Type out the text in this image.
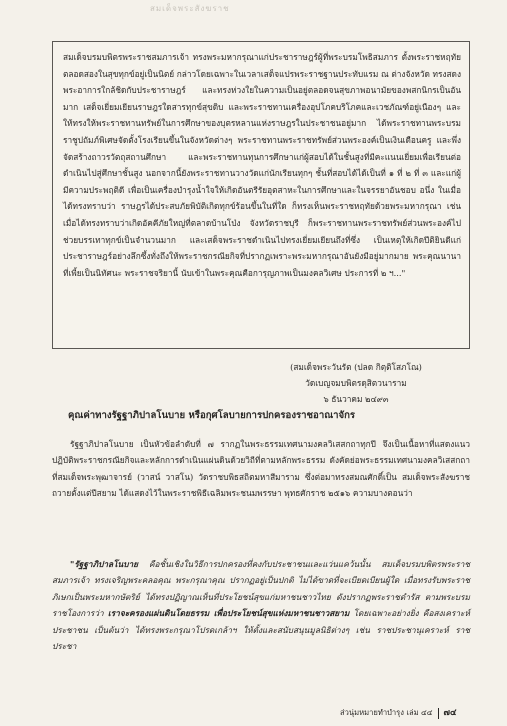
สมเด็จพระสังฆราช

สมเด็จบรมบพิตรพระราชสมภารเจ้า ทรงพระมหากรุณาแก่ประชาราษฎร์ผู้ที่พระบรมโพธิสมภาร ตั้งพระราชหฤทัยตลอดสองในสุขทุกข์อยู่เป็นนิตย์ กล่าวโดยเฉพาะในเวลาเสด็จแปรพระราชฐานประทับแรม ณ ต่างจังหวัด ทรงสดงพระอาการใกล้ชิดกับประชาราษฎร์ และทรงห่วงใยในความเป็นอยู่ตลอดจนสุขภาพอนามัยของพสกนิกรเป็นอันมาก เสด็จเยี่ยมเยียนราษฎรใดสารทุกข์สุขดิบ และพระราชทานเครื่องอุปโภคบริโภคและเวชภัณฑ์อยู่เนืองๆ และให้ทรงให้พระราชทานทรัพย์ในการศึกษาของบุตรหลานแห่งราษฎรในประชาชนอยู่มาก ได้พระราชทานพระบรมราชูปถัมภ์พิเศษจัดตั้งโรงเรียนขึ้นในจังหวัดต่างๆ พระราชทานพระราชทรัพย์ส่วนพระองค์เป็นเงินเดือนครู และพึ่งจัดสร้างถาวรวัตถุสถานศึกษา และพระราชทานทุนการศึกษาแก่ผู้สอบได้ในชั้นสูงที่มีคะแนนเยี่ยมเพื่อเรียนต่อดำเนินไปสู่ศึกษาชั้นสูง นอกจากนี้ยังพระราชทานวางวัดแก่นักเรียนทุกๆ ชั้นที่สอบได้ได้เป็นที่ ๑ ที่ ๒ ที่ ๓ และแก่ผู้มีความประพฤติดี เพื่อเป็นเครื่องบำรุงน้ำใจให้เกิดอันตรีรัยอุตสาหะในการศึกษาและในจรรยาอันชอบ อนึ่ง ในเมื่อได้ทรงทราบว่า ราษฎรได้ประสบภัยพิบัติเกิดทุกข์ร้อนขึ้นในที่ใด ก็ทรงเห็นพระราชหฤทัยด้วยพระมหากรุณา เช่น เมื่อได้ทรงทราบว่าเกิดอัคคีภัยใหญ่ที่ตลาดบ้านโป่ง จังหวัดราชบุรี ก็พระราชทานพระราชทรัพย์ส่วนพระองค์ไปช่วยบรรเทาทุกข์เป็นจำนวนมาก และเสด็จพระราชดำเนินไปทรงเยี่ยมเยียนถึงที่ซึ่ง เป็นเหตุให้เกิดปีติยินดีแก่ประชาราษฎร์อย่างลึกซึ้งทั่งถึงให้พระราชกรณียกิจที่ปรากฏเพราะพระมหากรุณาอันยังมีอยู่มากมาย พระคุณนานาที่เพี้ยเป็นนิทัศนะ พระราชจริยานี้ นับเข้าในพระคุณคือการุญภาพเป็นมงคลวิเศษ ประการที่ ๒ ฯ..."

(สมเด็จพระวันรัต (ปลด กิตฺติโสภโณ)
วัดเบญจมบพิตรดุสิตวนาราม
๖ ธันวาคม ๒๔๙๓
คุณค่าทางรัฐฐาภิปาลโนบาย หรือกุศโลบายการปกครองราชอาณาจักร

รัฐฐาภิปาลโนบาย เป็นหัวข้อลำดับที่ ๗ รากฏในพระธรรมเทศนามงคลวิเสสกถาทุกปี จึงเป็นเนื้อหาที่แสดงแนวปฏิบัติพระราชกรณียกิจและหลักการดำเนินแผ่นดินด้วยวิถีที่ตามหลักพระธรรม ดังคัดย่อพระธรรมเทศนามงคลวิเสสกถา ที่สมเด็จพระพุฒาจารย์ (วาสน์ วาสโน) วัดราชบพิธสถิตมหาสีมาราม ซึ่งต่อมาทรงสมณศักดิ์เป็น สมเด็จพระสังฆราช ถวายตั้งแต่ปีสยาม ได้แสดงไว้ในพระราชพิธีเฉลิมพระชนมพรรษา พุทธศักราช ๒๕๑๖ ความบางตอนว่า

"รัฐฐาภิปาลโนบาย คือชั้นเชิงในวิธีการปกครองที่คงกับประชาชนและแว่นแคว้นนั้น สมเด็จบรมบพิตรพระราชสมภารเจ้า ทรงเจริญพระคลอคุณ พระกรุณาคุณ ปรากฏอยู่เป็นปกติ ไม่ได้ขาดที่จะเบียดเบียนผู้ใด เมื่อทรงรับพระราชภิเษกเป็นพระมหากษัตริย์ ได้ทรงปฏิญาณเห็นที่ประโยชน์สุขแก่มหาชนชาวไทย ดังปรากฏพระราชดำรัส ตามพระบรมราชโองการว่า เราจะครองแผ่นดินโดยธรรม เพื่อประโยชน์สุขแห่งมหาชนชาวสยาม โดยเฉพาะอย่างยิ่ง คือสงเคราะห์ประชาชน เป็นต้นว่า ได้ทรงพระกรุณาโปรดเกล้าฯ ให้ตั้งและสนับสนุนมูลนิธิต่างๆ เช่น ราชประชานุเคราะห์ ราชประชา

ส่วนุ่มหมายทำบำรุง เล่ม ๔๔ ๗๔
